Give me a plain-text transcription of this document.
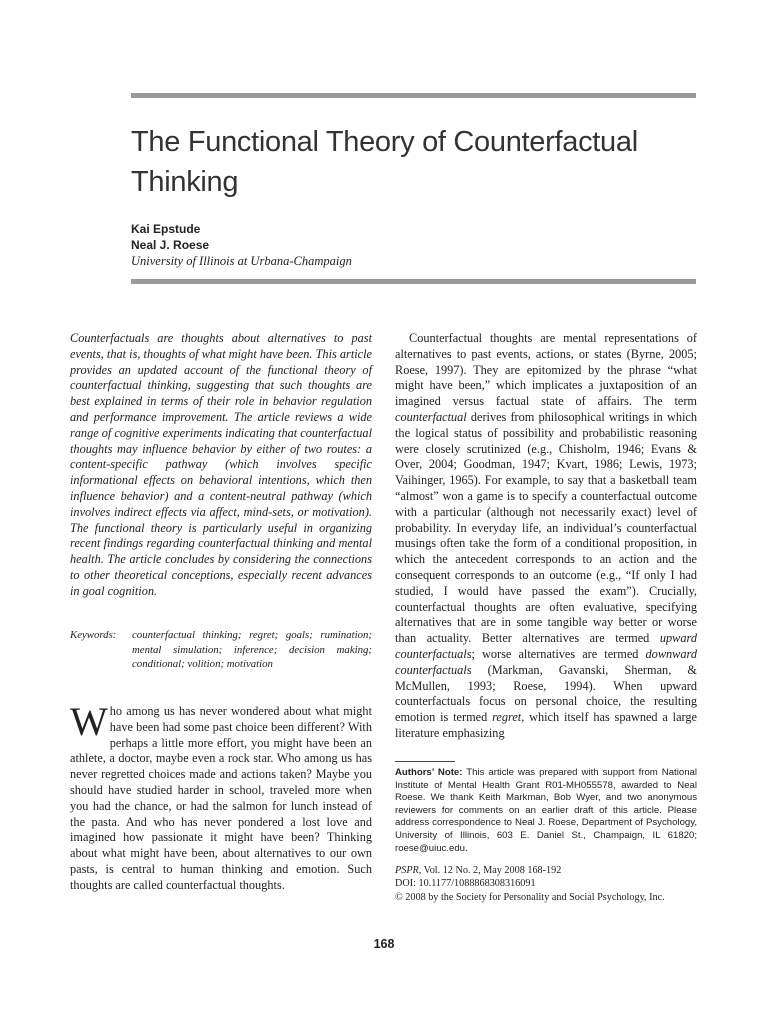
The Functional Theory of Counterfactual Thinking
Kai Epstude
Neal J. Roese
University of Illinois at Urbana-Champaign

Counterfactuals are thoughts about alternatives to past events, that is, thoughts of what might have been. This article provides an updated account of the functional theory of counterfactual thinking, suggesting that such thoughts are best explained in terms of their role in behavior regulation and performance improvement. The article reviews a wide range of cognitive experiments indicating that counterfactual thoughts may influence behavior by either of two routes: a content-specific pathway (which involves specific informational effects on behavioral intentions, which then influence behavior) and a content-neutral pathway (which involves indirect effects via affect, mind-sets, or motivation). The functional theory is particularly useful in organizing recent findings regarding counterfactual thinking and mental health. The article concludes by considering the connections to other theoretical conceptions, especially recent advances in goal cognition.

Keywords:	counterfactual thinking; regret; goals; rumination; mental simulation; inference; decision making; conditional; volition; motivation
Who among us has never wondered about what might have been had some past choice been different? With perhaps a little more effort, you might have been an athlete, a doctor, maybe even a rock star. Who among us has never regretted choices made and actions taken? Maybe you should have studied harder in school, traveled more when you had the chance, or had the salmon for lunch instead of the pasta. And who has never pondered a lost love and imagined how passionate it might have been? Thinking about what might have been, about alternatives to our own pasts, is central to human thinking and emotion. Such thoughts are called counterfactual thoughts.

Counterfactual thoughts are mental representations of alternatives to past events, actions, or states (Byrne, 2005; Roese, 1997). They are epitomized by the phrase “what might have been,” which implicates a juxtaposition of an imagined versus factual state of affairs. The term counterfactual derives from philosophical writings in which the logical status of possibility and probabilistic reasoning were closely scrutinized (e.g., Chisholm, 1946; Evans & Over, 2004; Goodman, 1947; Kvart, 1986; Lewis, 1973; Vaihinger, 1965). For example, to say that a basketball team “almost” won a game is to specify a counterfactual outcome with a particular (although not necessarily exact) level of probability. In everyday life, an individual’s counterfactual musings often take the form of a conditional proposition, in which the antecedent corresponds to an action and the consequent corresponds to an outcome (e.g., “If only I had studied, I would have passed the exam”). Crucially, counterfactual thoughts are often evaluative, specifying alternatives that are in some tangible way better or worse than actuality. Better alternatives are termed upward counterfactuals; worse alternatives are termed downward counterfactuals (Markman, Gavanski, Sherman, & McMullen, 1993; Roese, 1994). When upward counterfactuals focus on personal choice, the resulting emotion is termed regret, which itself has spawned a large literature emphasizing

Authors’ Note: This article was prepared with support from National Institute of Mental Health Grant R01-MH055578, awarded to Neal Roese. We thank Keith Markman, Bob Wyer, and two anonymous reviewers for comments on an earlier draft of this article. Please address correspondence to Neal J. Roese, Department of Psychology, University of Illinois, 603 E. Daniel St., Champaign, IL 61820; roese@uiuc.edu.
PSPR, Vol. 12 No. 2, May 2008 168-192
DOI: 10.1177/1088868308316091
© 2008 by the Society for Personality and Social Psychology, Inc.
168
